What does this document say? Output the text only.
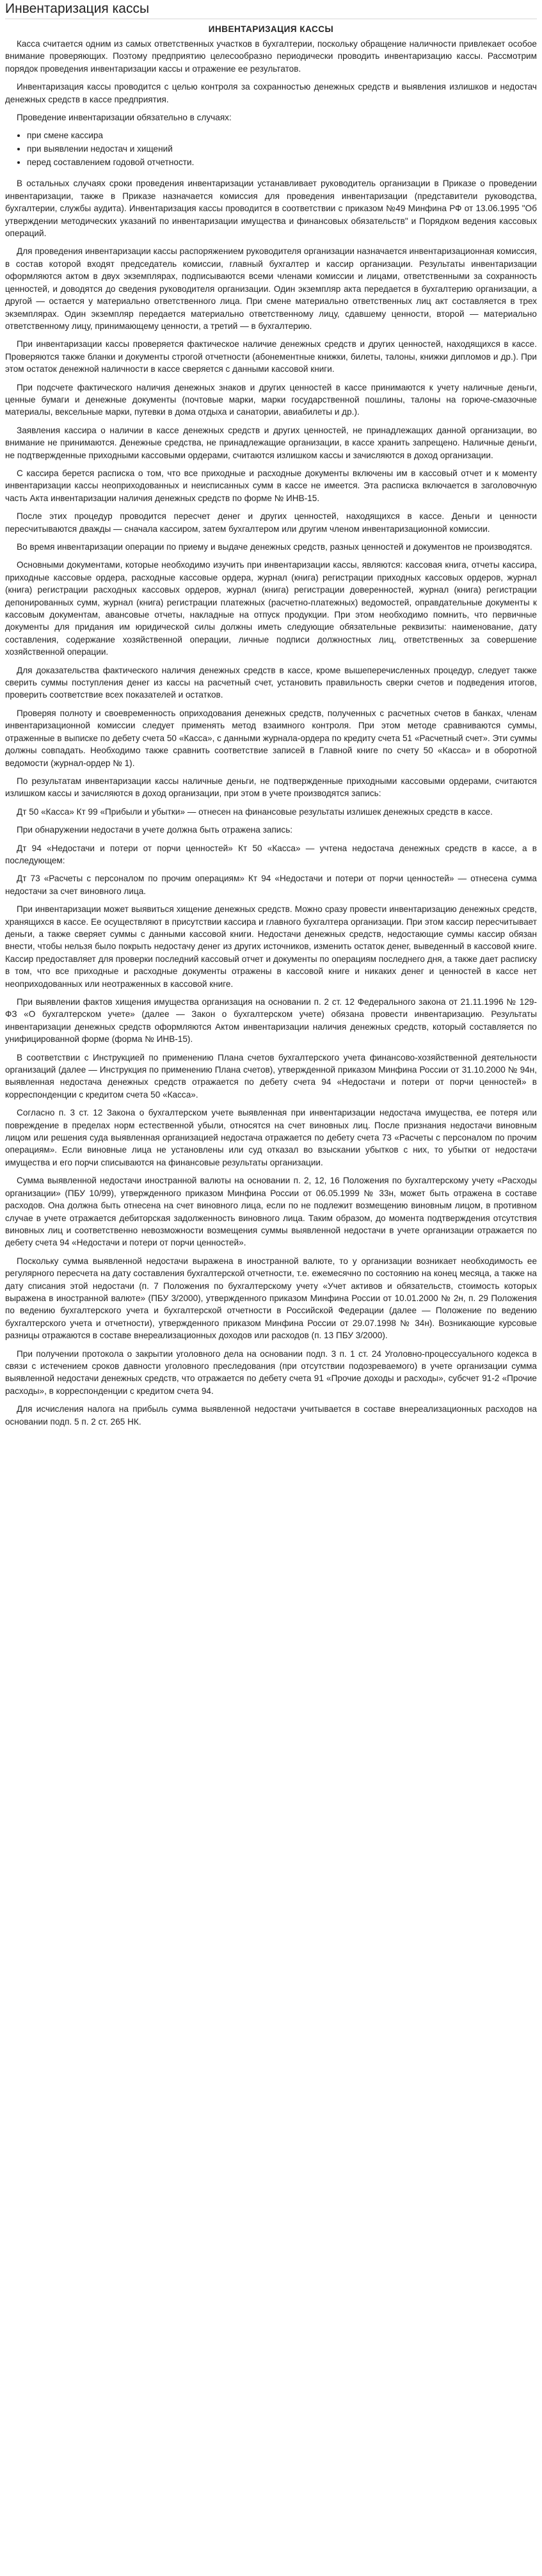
Инвентаризация кассы
ИНВЕНТАРИЗАЦИЯ КАССЫ

Касса считается одним из самых ответственных участков в бухгалтерии, поскольку обращение наличности привлекает особое внимание проверяющих. Поэтому предприятию целесообразно периодически проводить инвентаризацию кассы. Рассмотрим порядок проведения инвентаризации кассы и отражение ее результатов.

Инвентаризация кассы проводится с целью контроля за сохранностью денежных средств и выявления излишков и недостач денежных средств в кассе предприятия.

Проведение инвентаризации обязательно в случаях:

• при смене кассира
• при выявлении недостач и хищений
• перед составлением годовой отчетности.

В остальных случаях сроки проведения инвентаризации устанавливает руководитель организации в Приказе о проведении инвентаризации, также в Приказе назначается комиссия для проведения инвентаризации (представители руководства, бухгалтерии, службы аудита). Инвентаризация кассы проводится в соответствии с приказом №49 Минфина РФ от 13.06.1995 "Об утверждении методических указаний по инвентаризации имущества и финансовых обязательств" и Порядком ведения кассовых операций.

Для проведения инвентаризации кассы распоряжением руководителя организации назначается инвентаризационная комиссия, в состав которой входят председатель комиссии, главный бухгалтер и кассир организации. Результаты инвентаризации оформляются актом в двух экземплярах, подписываются всеми членами комиссии и лицами, ответственными за сохранность ценностей, и доводятся до сведения руководителя организации. Один экземпляр акта передается в бухгалтерию организации, а другой — остается у материально ответственного лица. При смене материально ответственных лиц акт составляется в трех экземплярах. Один экземпляр передается материально ответственному лицу, сдавшему ценности, второй — материально ответственному лицу, принимающему ценности, а третий — в бухгалтерию.

При инвентаризации кассы проверяется фактическое наличие денежных средств и других ценностей, находящихся в кассе. Проверяются также бланки и документы строгой отчетности (абонементные книжки, билеты, талоны, книжки дипломов и др.). При этом остаток денежной наличности в кассе сверяется с данными кассовой книги.

При подсчете фактического наличия денежных знаков и других ценностей в кассе принимаются к учету наличные деньги, ценные бумаги и денежные документы (почтовые марки, марки государственной пошлины, талоны на горюче-смазочные материалы, вексельные марки, путевки в дома отдыха и санатории, авиабилеты и др.).

Заявления кассира о наличии в кассе денежных средств и других ценностей, не принадлежащих данной организации, во внимание не принимаются. Денежные средства, не принадлежащие организации, в кассе хранить запрещено. Наличные деньги, не подтвержденные приходными кассовыми ордерами, считаются излишком кассы и зачисляются в доход организации.

С кассира берется расписка о том, что все приходные и расходные документы включены им в кассовый отчет и к моменту инвентаризации кассы неоприходованных и неисписанных сумм в кассе не имеется. Эта расписка включается в заголовочную часть Акта инвентаризации наличия денежных средств по форме № ИНВ-15.

После этих процедур проводится пересчет денег и других ценностей, находящихся в кассе. Деньги и ценности пересчитываются дважды — сначала кассиром, затем бухгалтером или другим членом инвентаризационной комиссии.

Во время инвентаризации операции по приему и выдаче денежных средств, разных ценностей и документов не производятся.

Основными документами, которые необходимо изучить при инвентаризации кассы, являются: кассовая книга, отчеты кассира, приходные кассовые ордера, расходные кассовые ордера, журнал (книга) регистрации приходных кассовых ордеров, журнал (книга) регистрации расходных кассовых ордеров, журнал (книга) регистрации доверенностей, журнал (книга) регистрации депонированных сумм, журнал (книга) регистрации платежных (расчетно-платежных) ведомостей, оправдательные документы к кассовым документам, авансовые отчеты, накладные на отпуск продукции. При этом необходимо помнить, что первичные документы для придания им юридической силы должны иметь следующие обязательные реквизиты: наименование, дату составления, содержание хозяйственной операции, личные подписи должностных лиц, ответственных за совершение хозяйственной операции.

Для доказательства фактического наличия денежных средств в кассе, кроме вышеперечисленных процедур, следует также сверить суммы поступления денег из кассы на расчетный счет, установить правильность сверки счетов и подведения итогов, проверить соответствие всех показателей и остатков.

Проверяя полноту и своевременность оприходования денежных средств, полученных с расчетных счетов в банках, членам инвентаризационной комиссии следует применять метод взаимного контроля. При этом методе сравниваются суммы, отраженные в выписке по дебету счета 50 «Касса», с данными журнала-ордера по кредиту счета 51 «Расчетный счет». Эти суммы должны совпадать. Необходимо также сравнить соответствие записей в Главной книге по счету 50 «Касса» и в оборотной ведомости (журнал-ордер № 1).

По результатам инвентаризации кассы наличные деньги, не подтвержденные приходными кассовыми ордерами, считаются излишком кассы и зачисляются в доход организации, при этом в учете производятся запись:

Дт 50 «Касса» Кт 99 «Прибыли и убытки» — отнесен на финансовые результаты излишек денежных средств в кассе.

При обнаружении недостачи в учете должна быть отражена запись:

Дт 94 «Недостачи и потери от порчи ценностей» Кт 50 «Касса» — учтена недостача денежных средств в кассе, а в последующем:

Дт 73 «Расчеты с персоналом по прочим операциям» Кт 94 «Недостачи и потери от порчи ценностей» — отнесена сумма недостачи за счет виновного лица.

При инвентаризации может выявиться хищение денежных средств. Можно сразу провести инвентаризацию денежных средств, хранящихся в кассе. Ее осуществляют в присутствии кассира и главного бухгалтера организации. При этом кассир пересчитывает деньги, а также сверяет суммы с данными кассовой книги. Недостачи денежных средств, недостающие суммы кассир обязан внести, чтобы нельзя было покрыть недостачу денег из других источников, изменить остаток денег, выведенный в кассовой книге. Кассир предоставляет для проверки последний кассовый отчет и документы по операциям последнего дня, а также дает расписку в том, что все приходные и расходные документы отражены в кассовой книге и никаких денег и ценностей в кассе нет неоприходованных или неотраженных в кассовой книге.

При выявлении фактов хищения имущества организация на основании п. 2 ст. 12 Федерального закона от 21.11.1996 № 129-ФЗ «О бухгалтерском учете» (далее — Закон о бухгалтерском учете) обязана провести инвентаризацию. Результаты инвентаризации денежных средств оформляются Актом инвентаризации наличия денежных средств, который составляется по унифицированной форме (форма № ИНВ-15).

В соответствии с Инструкцией по применению Плана счетов бухгалтерского учета финансово-хозяйственной деятельности организаций (далее — Инструкция по применению Плана счетов), утвержденной приказом Минфина России от 31.10.2000 № 94н, выявленная недостача денежных средств отражается по дебету счета 94 «Недостачи и потери от порчи ценностей» в корреспонденции с кредитом счета 50 «Касса».

Согласно п. 3 ст. 12 Закона о бухгалтерском учете выявленная при инвентаризации недостача имущества, ее потеря или повреждение в пределах норм естественной убыли, относятся на счет виновных лиц. После признания недостачи виновным лицом или решения суда выявленная организацией недостача отражается по дебету счета 73 «Расчеты с персоналом по прочим операциям». Если виновные лица не установлены или суд отказал во взыскании убытков с них, то убытки от недостачи имущества и его порчи списываются на финансовые результаты организации.

Сумма выявленной недостачи иностранной валюты на основании п. 2, 12, 16 Положения по бухгалтерскому учету «Расходы организации» (ПБУ 10/99), утвержденного приказом Минфина России от 06.05.1999 № 33н, может быть отражена в составе расходов. Она должна быть отнесена на счет виновного лица, если по не подлежит возмещению виновным лицом, в противном случае в учете отражается дебиторская задолженность виновного лица. Таким образом, до момента подтверждения отсутствия виновных лиц и соответственно невозможности возмещения суммы выявленной недостачи в учете организации отражается по дебету счета 94 «Недостачи и потери от порчи ценностей».

Поскольку сумма выявленной недостачи выражена в иностранной валюте, то у организации возникает необходимость ее регулярного пересчета на дату составления бухгалтерской отчетности, т.е. ежемесячно по состоянию на конец месяца, а также на дату списания этой недостачи (п. 7 Положения по бухгалтерскому учету «Учет активов и обязательств, стоимость которых выражена в иностранной валюте» (ПБУ 3/2000), утвержденного приказом Минфина России от 10.01.2000 № 2н, п. 29 Положения по ведению бухгалтерского учета и бухгалтерской отчетности в Российской Федерации (далее — Положение по ведению бухгалтерского учета и отчетности), утвержденного приказом Минфина России от 29.07.1998 № 34н). Возникающие курсовые разницы отражаются в составе внереализационных доходов или расходов (п. 13 ПБУ 3/2000).

При получении протокола о закрытии уголовного дела на основании подп. 3 п. 1 ст. 24 Уголовно-процессуального кодекса в связи с истечением сроков давности уголовного преследования (при отсутствии подозреваемого) в учете организации сумма выявленной недостачи денежных средств, что отражается по дебету счета 91 «Прочие доходы и расходы», субсчет 91-2 «Прочие расходы», в корреспонденции с кредитом счета 94.

Для исчисления налога на прибыль сумма выявленной недостачи учитывается в составе внереализационных расходов на основании подп. 5 п. 2 ст. 265 НК.
